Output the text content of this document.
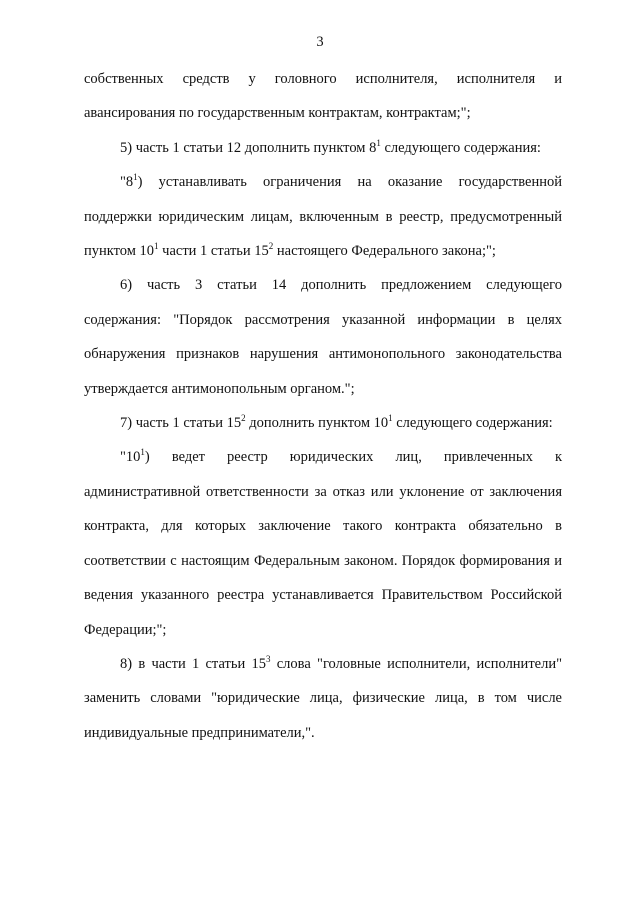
3

собственных средств у головного исполнителя, исполнителя и авансирования по государственным контрактам, контрактам;";

5) часть 1 статьи 12 дополнить пунктом $8^1$ следующего содержания:

"$8^1$) устанавливать ограничения на оказание государственной поддержки юридическим лицам, включенным в реестр, предусмотренный пунктом $10^1$ части 1 статьи $15^2$ настоящего Федерального закона;";

6) часть 3 статьи 14 дополнить предложением следующего содержания: "Порядок рассмотрения указанной информации в целях обнаружения признаков нарушения антимонопольного законодательства утверждается антимонопольным органом.";

7) часть 1 статьи $15^2$ дополнить пунктом $10^1$ следующего содержания:

"$10^1$) ведет реестр юридических лиц, привлеченных к административной ответственности за отказ или уклонение от заключения контракта, для которых заключение такого контракта обязательно в соответствии с настоящим Федеральным законом. Порядок формирования и ведения указанного реестра устанавливается Правительством Российской Федерации;";

8) в части 1 статьи $15^3$ слова "головные исполнители, исполнители" заменить словами "юридические лица, физические лица, в том числе индивидуальные предприниматели,".
